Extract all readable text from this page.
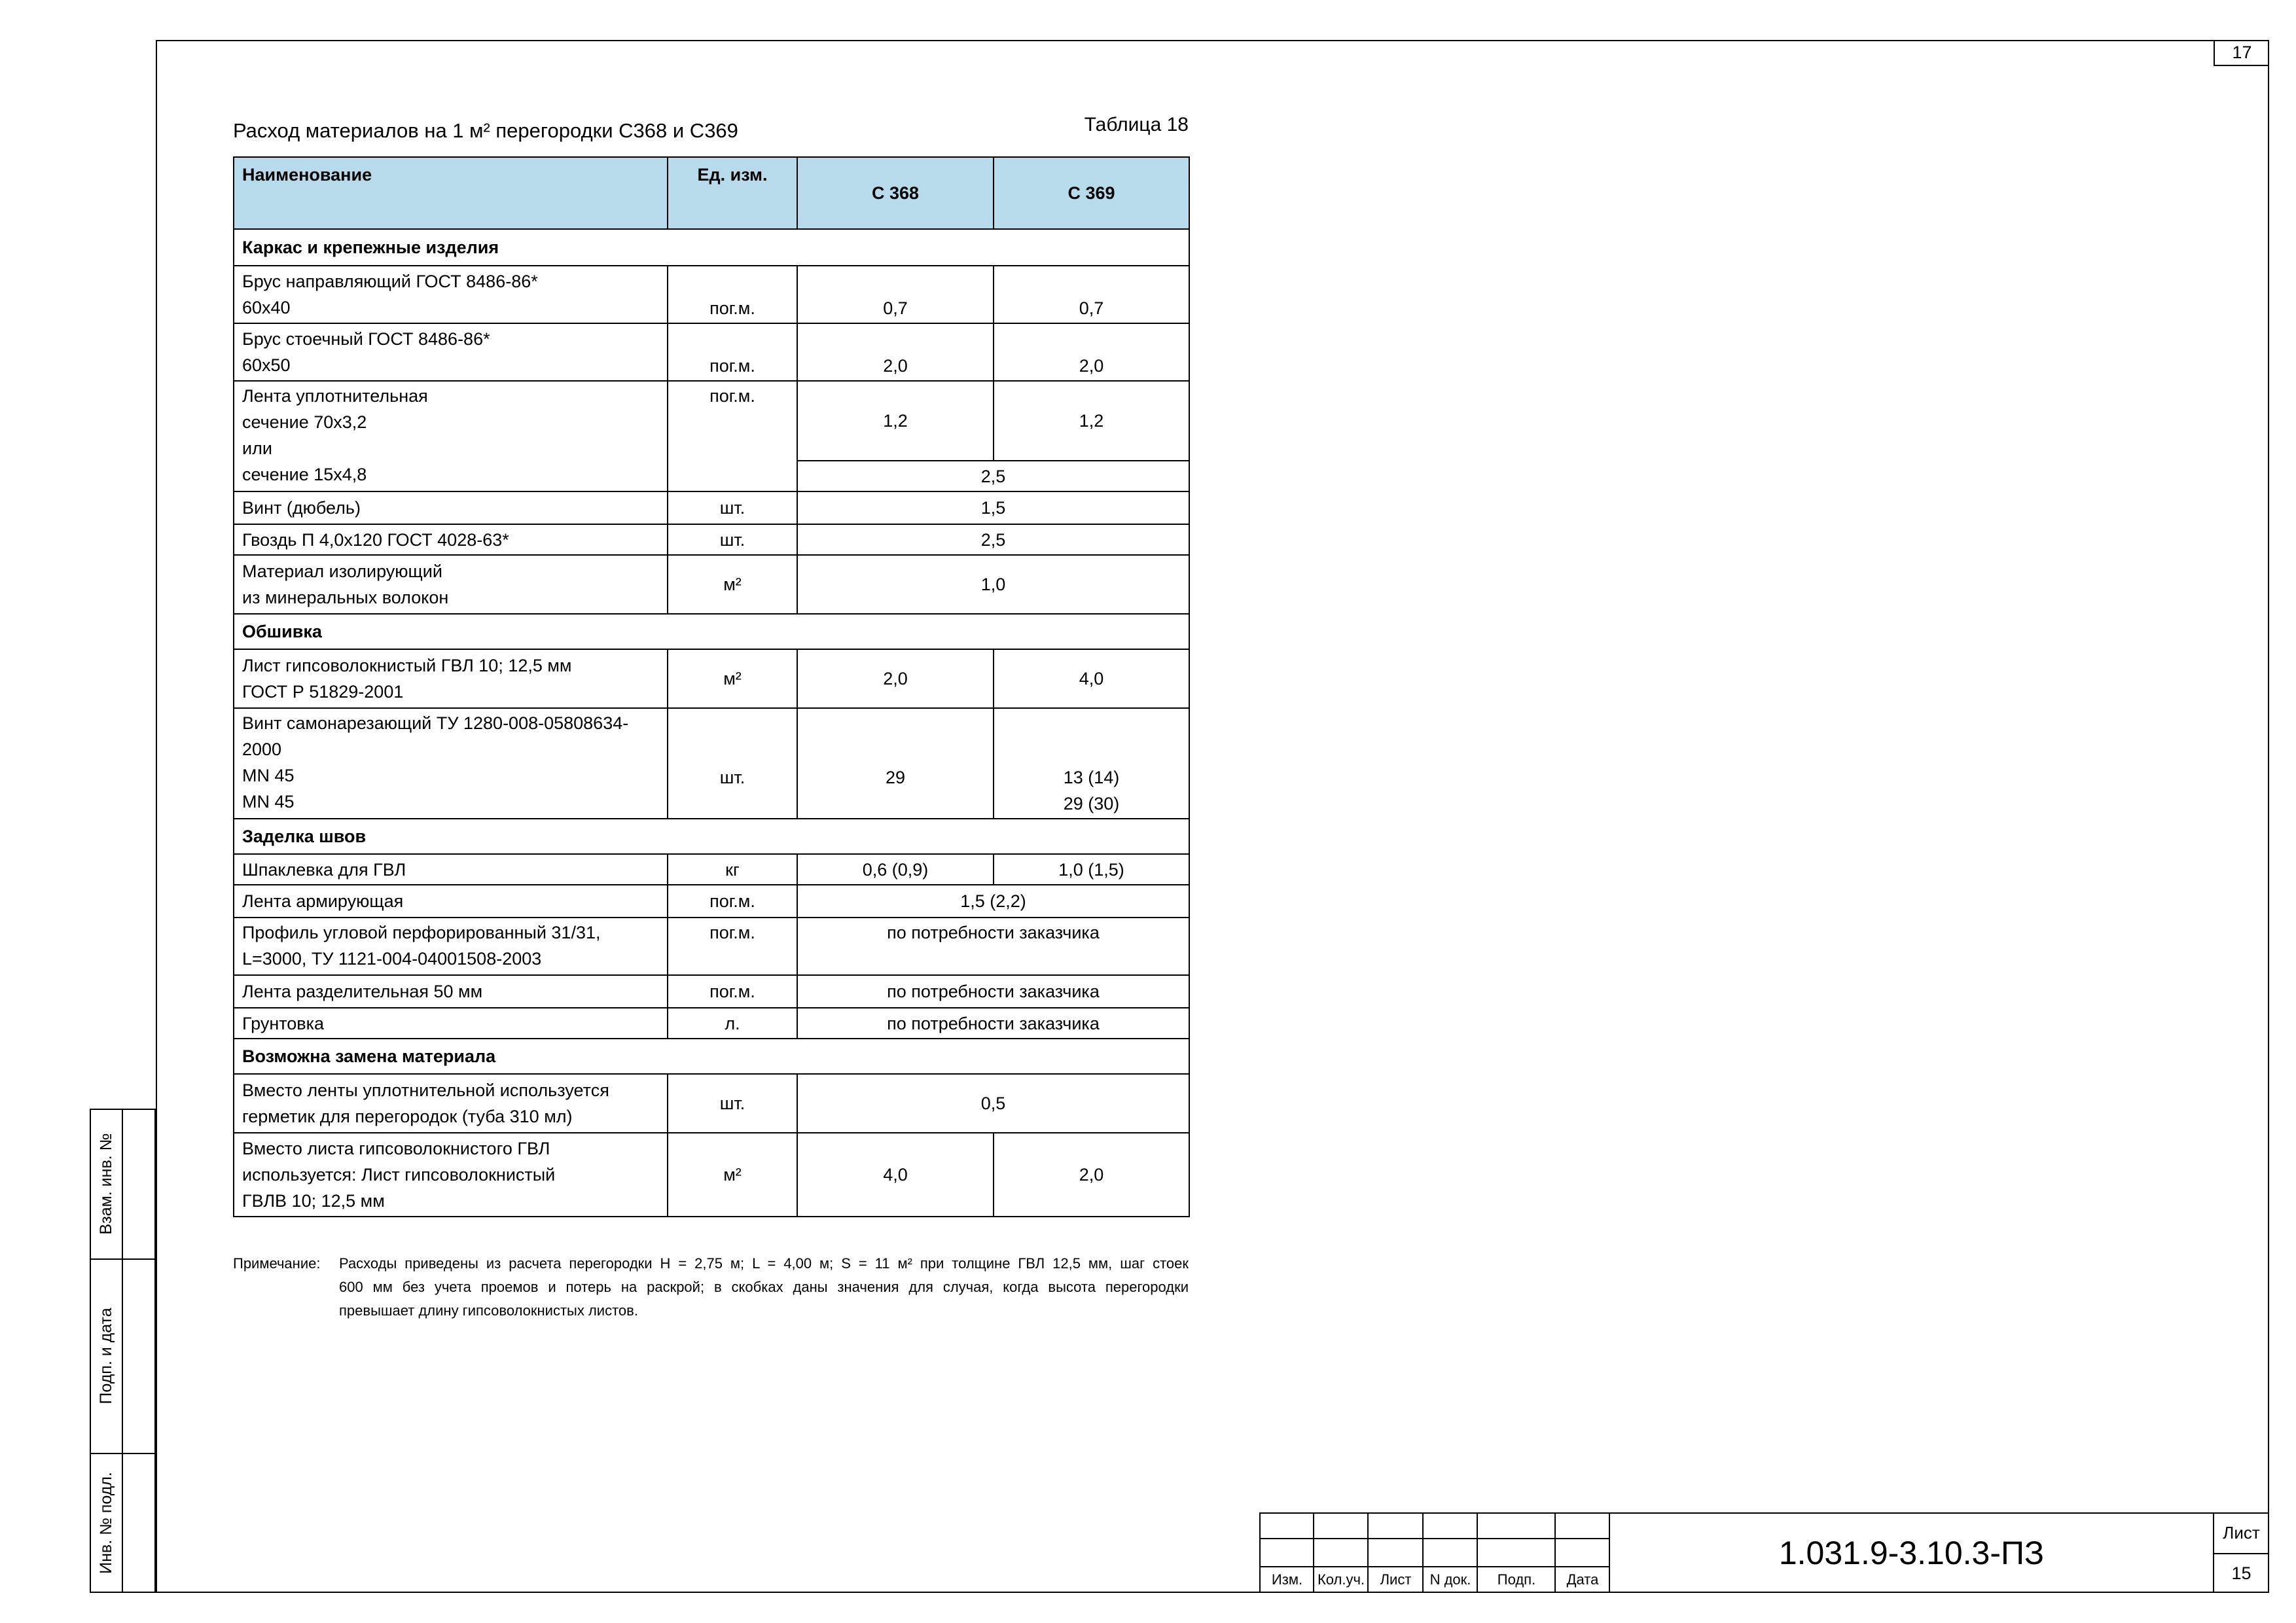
17
Расход материалов на 1 м² перегородки С368 и С369	Таблица 18
Наименование	Ед. изм.	С 368	С 369
Каркас и крепежные изделия			
Брус направляющий ГОСТ 8486-86*
60х40	пог.м.	0,7	0,7
Брус стоечный ГОСТ 8486-86*
60х50	пог.м.	2,0	2,0
Лента уплотнительная
сечение 70х3,2
или
сечение 15х4,8	пог.м.	1,2	1,2
		2,5	
Винт (дюбель)	шт.	1,5	
Гвоздь П 4,0х120 ГОСТ 4028-63*	шт.	2,5	
Материал изолирующий
из минеральных волокон	м²	1,0	
Обшивка			
Лист гипсоволокнистый ГВЛ 10; 12,5 мм
ГОСТ Р 51829-2001	м²	2,0	4,0
Винт самонарезающий ТУ 1280-008-05808634-
2000
MN 45
MN 45	шт.	29	13 (14)
29 (30)
Заделка швов			
Шпаклевка для ГВЛ	кг	0,6 (0,9)	1,0 (1,5)
Лента армирующая	пог.м.	1,5 (2,2)	
Профиль угловой перфорированный 31/31,
L=3000, ТУ 1121-004-04001508-2003	пог.м.	по потребности заказчика	
Лента разделительная 50 мм	пог.м.	по потребности заказчика	
Грунтовка	л.	по потребности заказчика	
Возможна замена материала			
Вместо ленты уплотнительной используется
герметик для перегородок (туба 310 мл)	шт.	0,5	
Вместо листа гипсоволокнистого ГВЛ
используется: Лист гипсоволокнистый
ГВЛВ 10; 12,5 мм	м²	4,0	2,0
Примечание: Расходы приведены из расчета перегородки H = 2,75 м; L = 4,00 м; S = 11 м² при толщине ГВЛ 12,5 мм, шаг стоек
600 мм без учета проемов и потерь на раскрой; в скобках даны значения для случая, когда высота перегородки
превышает длину гипсоволокнистых листов.
Взам. инв. №
Подп. и дата
Инв. № подл.
Изм.	Кол.уч.	Лист	N док.	Подп.	Дата
1.031.9-3.10.3-ПЗ
Лист
15
